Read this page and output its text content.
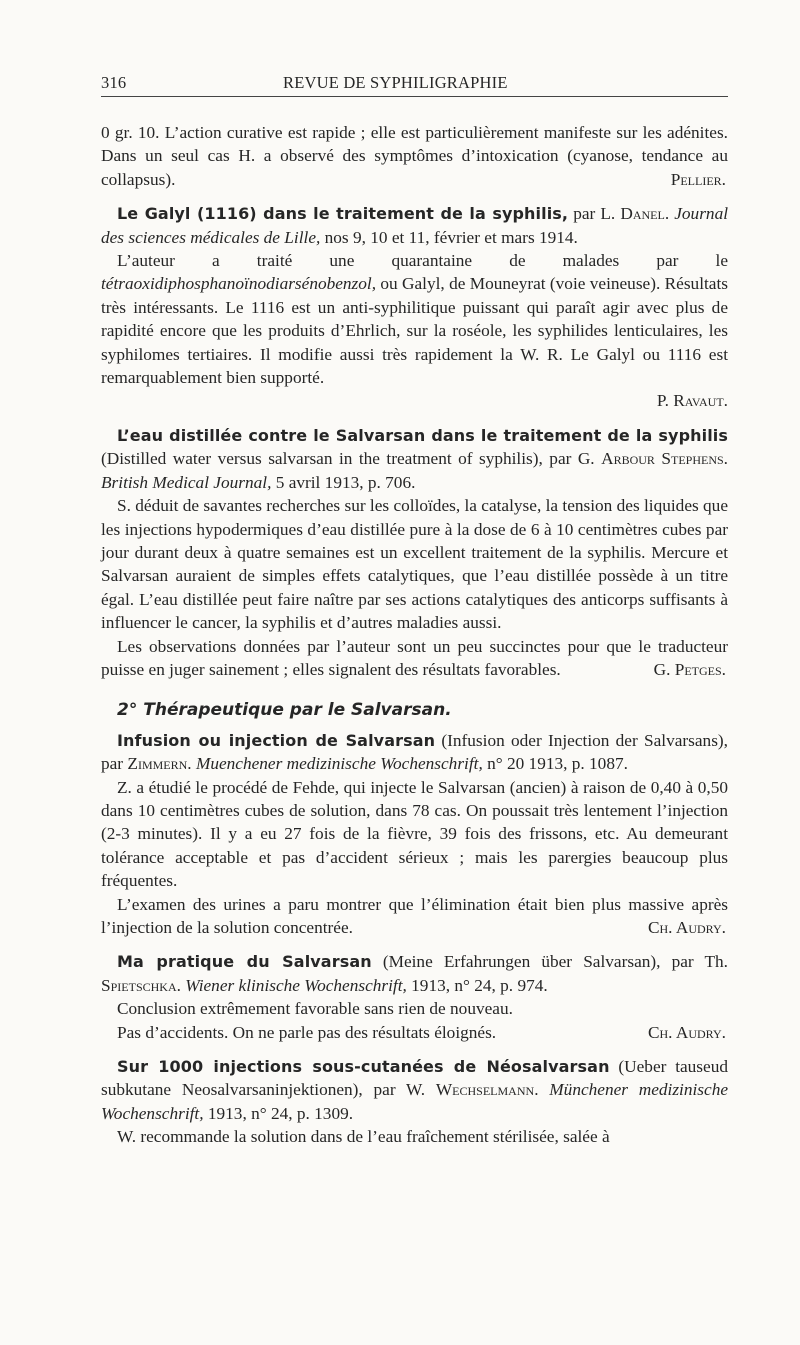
316	REVUE DE SYPHILIGRAPHIE

0 gr. 10. L’action curative est rapide ; elle est particulièrement manifeste sur les adénites. Dans un seul cas H. a observé des symptômes d’intoxication (cyanose, tendance au collapsus).	Pellier.

Le Galyl (1116) dans le traitement de la syphilis, par L. Danel. Journal des sciences médicales de Lille, nos 9, 10 et 11, février et mars 1914.

L’auteur a traité une quarantaine de malades par le tétraoxidiphosphanoïnodiarsénobenzol, ou Galyl, de Mouneyrat (voie veineuse). Résultats très intéressants. Le 1116 est un anti-syphilitique puissant qui paraît agir avec plus de rapidité encore que les produits d’Ehrlich, sur la roséole, les syphilides lenticulaires, les syphilomes tertiaires. Il modifie aussi très rapidement la W. R. Le Galyl ou 1116 est remarquablement bien supporté.

P. Ravaut.

L’eau distillée contre le Salvarsan dans le traitement de la syphilis (Distilled water versus salvarsan in the treatment of syphilis), par G. Arbour Stephens. British Medical Journal, 5 avril 1913, p. 706.

S. déduit de savantes recherches sur les colloïdes, la catalyse, la tension des liquides que les injections hypodermiques d’eau distillée pure à la dose de 6 à 10 centimètres cubes par jour durant deux à quatre semaines est un excellent traitement de la syphilis. Mercure et Salvarsan auraient de simples effets catalytiques, que l’eau distillée possède à un titre égal. L’eau distillée peut faire naître par ses actions catalytiques des anticorps suffisants à influencer le cancer, la syphilis et d’autres maladies aussi.

Les observations données par l’auteur sont un peu succinctes pour que le traducteur puisse en juger sainement ; elles signalent des résultats favorables.	G. Petges.

2° Thérapeutique par le Salvarsan.

Infusion ou injection de Salvarsan (Infusion oder Injection der Salvarsans), par Zimmern. Muenchener medizinische Wochenschrift, n° 20 1913, p. 1087.

Z. a étudié le procédé de Fehde, qui injecte le Salvarsan (ancien) à raison de 0,40 à 0,50 dans 10 centimètres cubes de solution, dans 78 cas. On poussait très lentement l’injection (2-3 minutes). Il y a eu 27 fois de la fièvre, 39 fois des frissons, etc. Au demeurant tolérance acceptable et pas d’accident sérieux ; mais les parergies beaucoup plus fréquentes.

L’examen des urines a paru montrer que l’élimination était bien plus massive après l’injection de la solution concentrée.	Ch. Audry.

Ma pratique du Salvarsan (Meine Erfahrungen über Salvarsan), par Th. Spietschka. Wiener klinische Wochenschrift, 1913, n° 24, p. 974.

Conclusion extrêmement favorable sans rien de nouveau.

Pas d’accidents. On ne parle pas des résultats éloignés.	Ch. Audry.

Sur 1000 injections sous-cutanées de Néosalvarsan (Ueber tauseud subkutane Neosalvarsaninjektionen), par W. Wechselmann. Münchener medizinische Wochenschrift, 1913, n° 24, p. 1309.

W. recommande la solution dans de l’eau fraîchement stérilisée, salée à
